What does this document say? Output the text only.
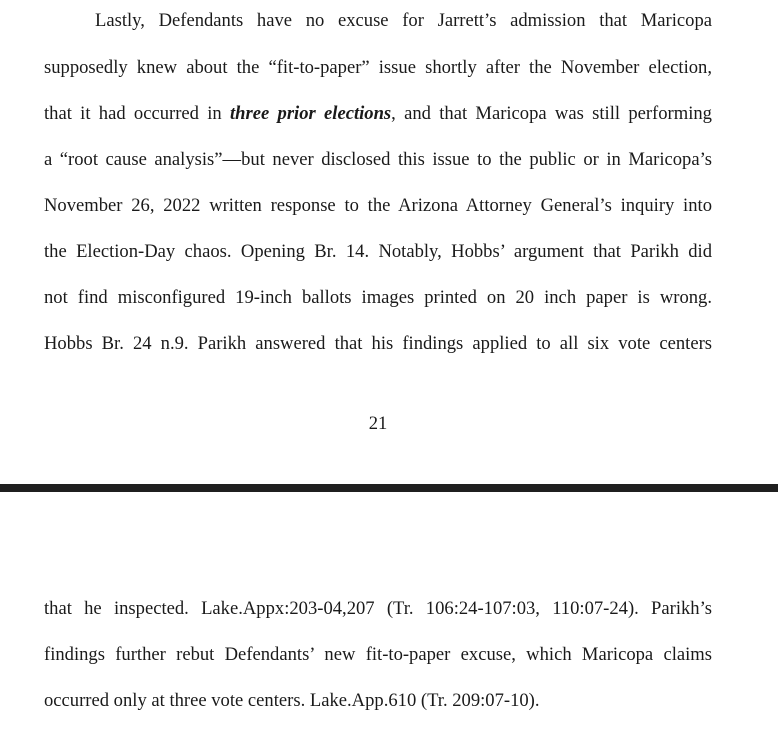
Lastly, Defendants have no excuse for Jarrett’s admission that Maricopa
supposedly knew about the “fit-to-paper” issue shortly after the November election,
that it had occurred in three prior elections, and that Maricopa was still performing
a “root cause analysis”—but never disclosed this issue to the public or in Maricopa’s
November 26, 2022 written response to the Arizona Attorney General’s inquiry into
the Election-Day chaos. Opening Br. 14. Notably, Hobbs’ argument that Parikh did
not find misconfigured 19-inch ballots images printed on 20 inch paper is wrong.
Hobbs Br. 24 n.9. Parikh answered that his findings applied to all six vote centers
21
that he inspected. Lake.Appx:203-04,207 (Tr. 106:24-107:03, 110:07-24). Parikh’s
findings further rebut Defendants’ new fit-to-paper excuse, which Maricopa claims
occurred only at three vote centers. Lake.App.610 (Tr. 209:07-10).
